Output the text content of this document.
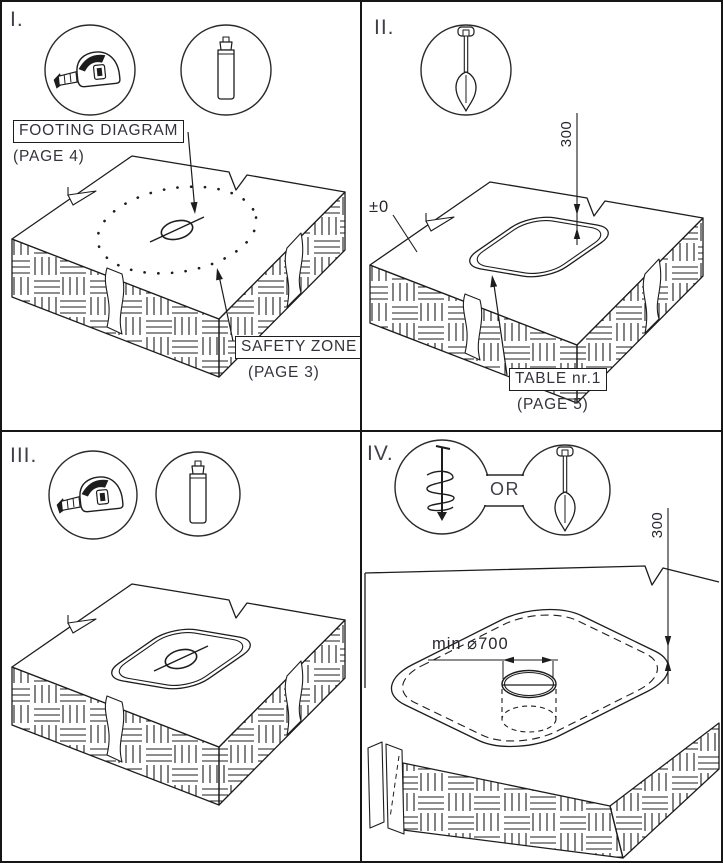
I.
FOOTING DIAGRAM
(PAGE 4)
SAFETY ZONE
(PAGE 3)
II.
±0
300
TABLE nr.1
(PAGE 5)
III.	IV.
OR
300
min ⌀700
